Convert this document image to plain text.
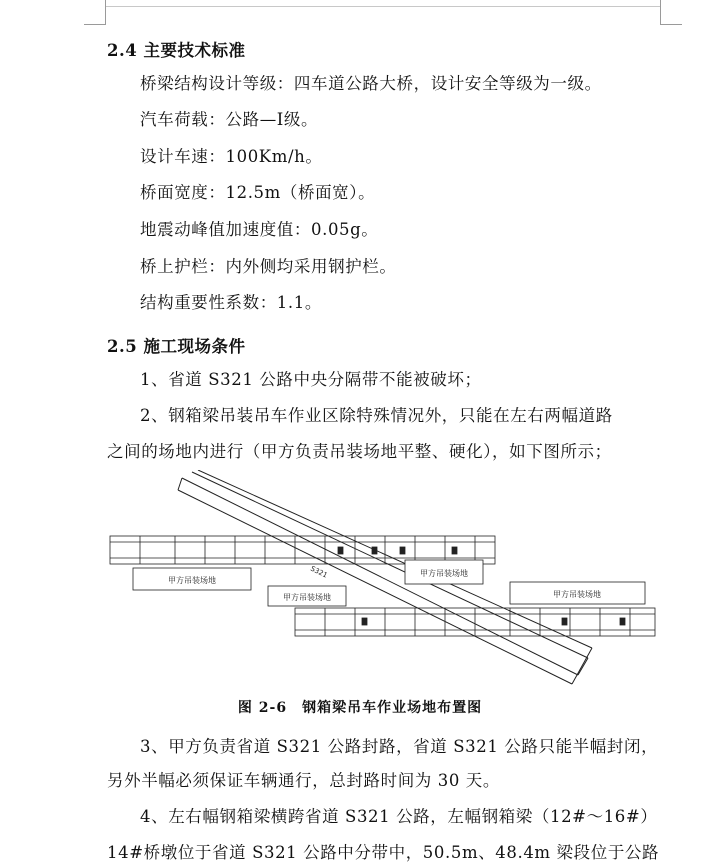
2.4 主要技术标准
桥梁结构设计等级：四车道公路大桥，设计安全等级为一级。
汽车荷载：公路—Ⅰ级。
设计车速：100Km/h。
桥面宽度：12.5m（桥面宽）。
地震动峰值加速度值：0.05g。
桥上护栏：内外侧均采用钢护栏。
结构重要性系数：1.1。
2.5 施工现场条件
1、省道 S321 公路中央分隔带不能被破坏；
2、钢箱梁吊装吊车作业区除特殊情况外，只能在左右两幅道路
之间的场地内进行（甲方负责吊装场地平整、硬化），如下图所示；
甲方吊装场地
甲方吊装场地
甲方吊装场地
甲方吊装场地
S321
图 2-6　钢箱梁吊车作业场地布置图
3、甲方负责省道 S321 公路封路，省道 S321 公路只能半幅封闭，
另外半幅必须保证车辆通行，总封路时间为 30 天。
4、左右幅钢箱梁横跨省道 S321 公路，左幅钢箱梁（12#～16#）
14#桥墩位于省道 S321 公路中分带中，50.5m、48.4m 梁段位于公路
